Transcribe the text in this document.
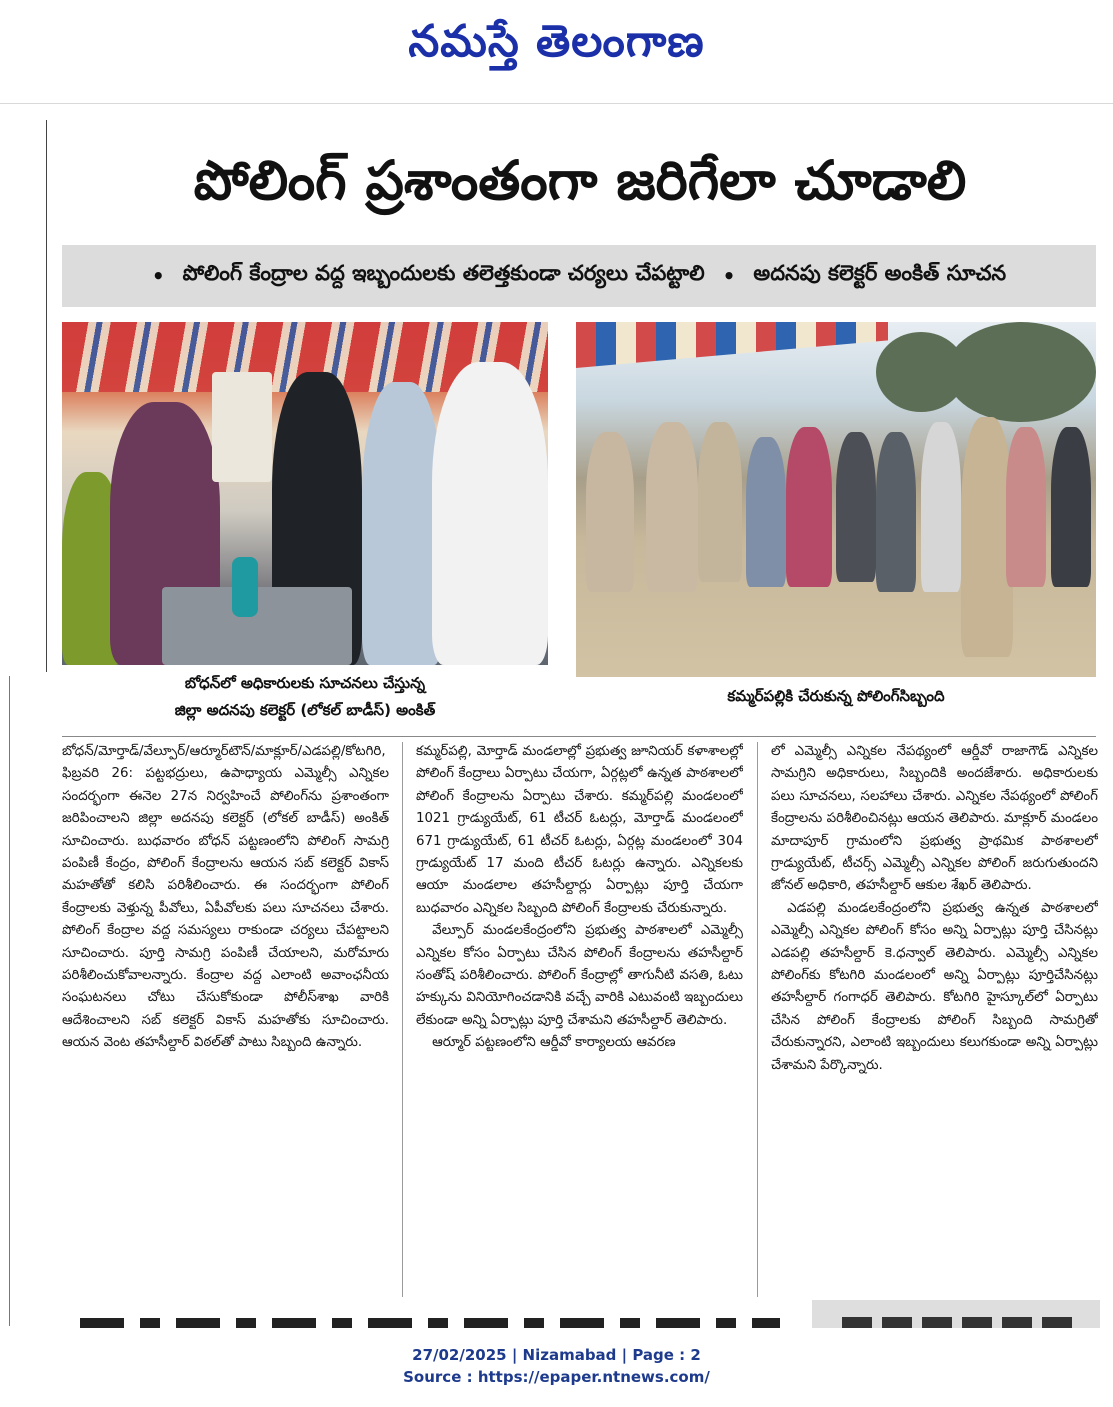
నమస్తే తెలంగాణ
పోలింగ్ ప్రశాంతంగా జరిగేలా చూడాలి
• పోలింగ్ కేంద్రాల వద్ద ఇబ్బందులకు తలెత్తకుండా చర్యలు చేపట్టాలి • అదనపు కలెక్టర్ అంకిత్ సూచన
బోధన్‌లో అధికారులకు సూచనలు చేస్తున్న
జిల్లా అదనపు కలెక్టర్ (లోకల్ బాడీస్) అంకిత్
కమ్మర్‌పల్లికి చేరుకున్న పోలింగ్‌సిబ్బంది

బోధన్/మోర్తాడ్/వేల్పూర్/ఆర్మూర్‌టౌన్/మాక్లూర్/ఎడపల్లి/కోటగిరి, ఫిబ్రవరి 26: పట్టభద్రులు, ఉపాధ్యాయ ఎమ్మెల్సీ ఎన్నికల సందర్భంగా ఈనెల 27న నిర్వహించే పోలింగ్‌ను ప్రశాంతంగా జరిపించాలని జిల్లా అదనపు కలెక్టర్ (లోకల్ బాడీస్) అంకిత్ సూచించారు. బుధవారం బోధన్ పట్టణంలోని పోలింగ్ సామగ్రి పంపిణీ కేంద్రం, పోలింగ్ కేంద్రాలను ఆయన సబ్ కలెక్టర్ వికాస్ మహతోతో కలిసి పరిశీలించారు. ఈ సందర్భంగా పోలింగ్ కేంద్రాలకు వెళ్తున్న పీవోలు, ఏపీవోలకు పలు సూచనలు చేశారు. పోలింగ్ కేంద్రాల వద్ద సమస్యలు రాకుండా చర్యలు చేపట్టాలని సూచించారు. పూర్తి సామగ్రి పంపిణీ చేయాలని, మరోమారు పరిశీలించుకోవాలన్నారు. కేంద్రాల వద్ద ఎలాంటి అవాంఛనీయ సంఘటనలు చోటు చేసుకోకుండా పోలీస్‌శాఖ వారికి ఆదేశించాలని సబ్ కలెక్టర్ వికాస్ మహతోకు సూచించారు. ఆయన వెంట తహసీల్దార్ విఠల్‌తో పాటు సిబ్బంది ఉన్నారు.

కమ్మర్‌పల్లి, మోర్తాడ్ మండలాల్లో ప్రభుత్వ జూనియర్ కళాశాలల్లో పోలింగ్ కేంద్రాలు ఏర్పాటు చేయగా, ఏర్గట్లలో ఉన్నత పాఠశాలలో పోలింగ్ కేంద్రాలను ఏర్పాటు చేశారు. కమ్మర్‌పల్లి మండలంలో 1021 గ్రాడ్యుయేట్, 61 టీచర్ ఓటర్లు, మోర్తాడ్ మండలంలో 671 గ్రాడ్యుయేట్, 61 టీచర్ ఓటర్లు, ఏర్గట్ల మండలంలో 304 గ్రాడ్యుయేట్ 17 మంది టీచర్ ఓటర్లు ఉన్నారు. ఎన్నికలకు ఆయా మండలాల తహసీల్దార్లు ఏర్పాట్లు పూర్తి చేయగా బుధవారం ఎన్నికల సిబ్బంది పోలింగ్ కేంద్రాలకు చేరుకున్నారు.

వేల్పూర్ మండలకేంద్రంలోని ప్రభుత్వ పాఠశాలలో ఎమ్మెల్సీ ఎన్నికల కోసం ఏర్పాటు చేసిన పోలింగ్ కేంద్రాలను తహసీల్దార్ సంతోష్ పరిశీలించారు. పోలింగ్ కేంద్రాల్లో తాగునీటి వసతి, ఓటు హక్కును వినియోగించడానికి వచ్చే వారికి ఎటువంటి ఇబ్బందులు లేకుండా అన్ని ఏర్పాట్లు పూర్తి చేశామని తహసీల్దార్ తెలిపారు.

ఆర్మూర్ పట్టణంలోని ఆర్డీవో కార్యాలయ ఆవరణ

లో ఎమ్మెల్సీ ఎన్నికల నేపథ్యంలో ఆర్డీవో రాజాగౌడ్ ఎన్నికల సామగ్రిని అధికారులు, సిబ్బందికి అందజేశారు. అధికారులకు పలు సూచనలు, సలహాలు చేశారు. ఎన్నికల నేపథ్యంలో పోలింగ్ కేంద్రాలను పరిశీలించినట్లు ఆయన తెలిపారు. మాక్లూర్ మండలం మాదాపూర్ గ్రామంలోని ప్రభుత్వ ప్రాథమిక పాఠశాలలో గ్రాడ్యుయేట్, టీచర్స్ ఎమ్మెల్సీ ఎన్నికల పోలింగ్ జరుగుతుందని జోనల్ అధికారి, తహసీల్దార్ ఆకుల శేఖర్ తెలిపారు.

ఎడపల్లి మండలకేంద్రంలోని ప్రభుత్వ ఉన్నత పాఠశాలలో ఎమ్మెల్సీ ఎన్నికల పోలింగ్ కోసం అన్ని ఏర్పాట్లు పూర్తి చేసినట్లు ఎడపల్లి తహసీల్దార్ కె.ధన్వాల్ తెలిపారు. ఎమ్మెల్సీ ఎన్నికల పోలింగ్‌కు కోటగిరి మండలంలో అన్ని ఏర్పాట్లు పూర్తిచేసినట్లు తహసీల్దార్ గంగాధర్ తెలిపారు. కోటగిరి హైస్కూల్‌లో ఏర్పాటు చేసిన పోలింగ్ కేంద్రాలకు పోలింగ్ సిబ్బంది సామగ్రితో చేరుకున్నారని, ఎలాంటి ఇబ్బందులు కలుగకుండా అన్ని ఏర్పాట్లు చేశామని పేర్కొన్నారు.

27/02/2025 | Nizamabad | Page : 2
Source : https://epaper.ntnews.com/
